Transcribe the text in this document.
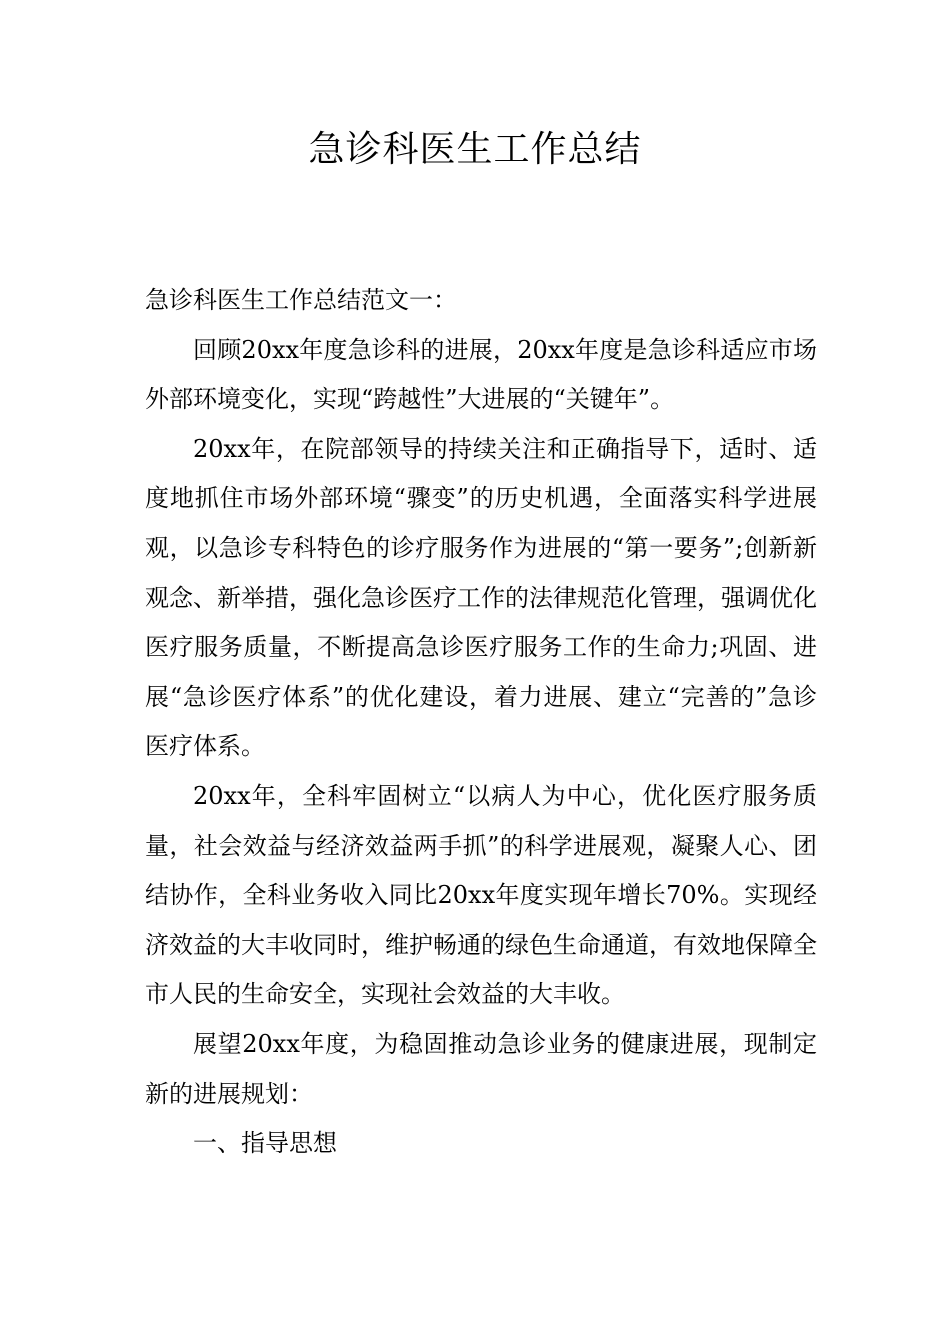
急诊科医生工作总结

急诊科医生工作总结范文一：

回顾20xx年度急诊科的进展，20xx年度是急诊科适应市场外部环境变化，实现“跨越性”大进展的“关键年”。

20xx年，在院部领导的持续关注和正确指导下，适时、适度地抓住市场外部环境“骤变”的历史机遇，全面落实科学进展观，以急诊专科特色的诊疗服务作为进展的“第一要务”;创新新观念、新举措，强化急诊医疗工作的法律规范化管理，强调优化医疗服务质量，不断提高急诊医疗服务工作的生命力;巩固、进展“急诊医疗体系”的优化建设，着力进展、建立“完善的”急诊医疗体系。

20xx年，全科牢固树立“以病人为中心，优化医疗服务质量，社会效益与经济效益两手抓”的科学进展观，凝聚人心、团结协作，全科业务收入同比20xx年度实现年增长70%。实现经济效益的大丰收同时，维护畅通的绿色生命通道，有效地保障全市人民的生命安全，实现社会效益的大丰收。

展望20xx年度，为稳固推动急诊业务的健康进展，现制定新的进展规划：

一、指导思想
